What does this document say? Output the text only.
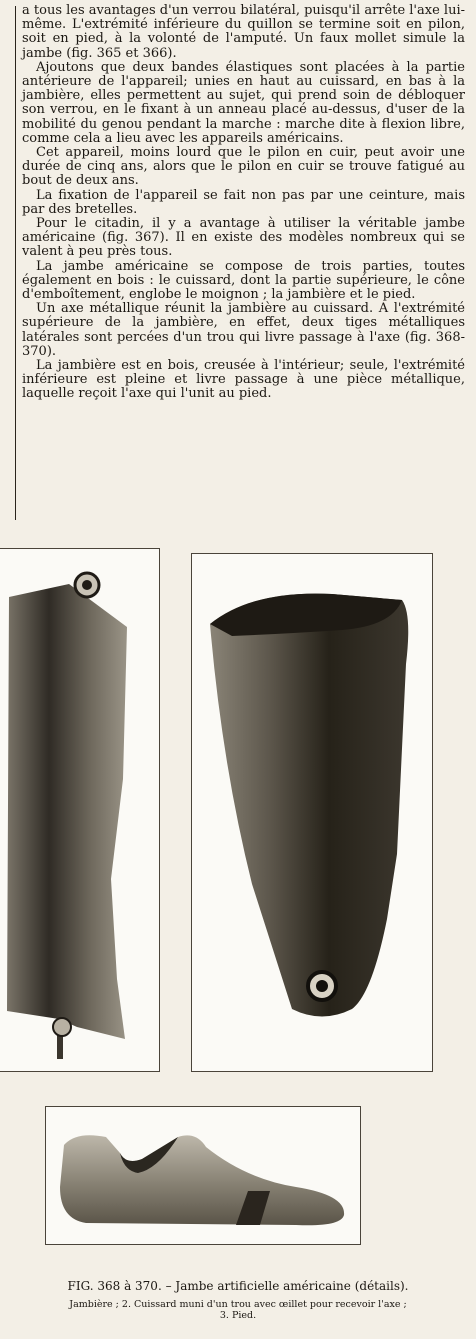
a tous les avantages d'un verrou bilatéral, puisqu'il arrête l'axe lui-même. L'extrémité inférieure du quillon se termine soit en pilon, soit en pied, à la volonté de l'amputé. Un faux mollet simule la jambe (fig. 365 et 366).

Ajoutons que deux bandes élastiques sont placées à la partie antérieure de l'appareil; unies en haut au cuissard, en bas à la jambière, elles permettent au sujet, qui prend soin de débloquer son verrou, en le fixant à un anneau placé au-dessus, d'user de la mobilité du genou pendant la marche : marche dite à flexion libre, comme cela a lieu avec les appareils américains.

Cet appareil, moins lourd que le pilon en cuir, peut avoir une durée de cinq ans, alors que le pilon en cuir se trouve fatigué au bout de deux ans.

La fixation de l'appareil se fait non pas par une ceinture, mais par des bretelles.

Pour le citadin, il y a avantage à utiliser la véritable jambe américaine (fig. 367). Il en existe des modèles nombreux qui se valent à peu près tous.

La jambe américaine se compose de trois parties, toutes également en bois : le cuissard, dont la partie supérieure, le cône d'emboîtement, englobe le moignon ; la jambière et le pied.

Un axe métallique réunit la jambière au cuissard. A l'extrémité supérieure de la jambière, en effet, deux tiges métalliques latérales sont percées d'un trou qui livre passage à l'axe (fig. 368-370).

La jambière est en bois, creusée à l'intérieur; seule, l'extrémité inférieure est pleine et livre passage à une pièce métallique, laquelle reçoit l'axe qui l'unit au pied.

FIG. 368 à 370. – Jambe artificielle américaine (détails).
Jambière ; 2. Cuissard muni d'un trou avec œillet pour recevoir l'axe ;
3. Pied.
